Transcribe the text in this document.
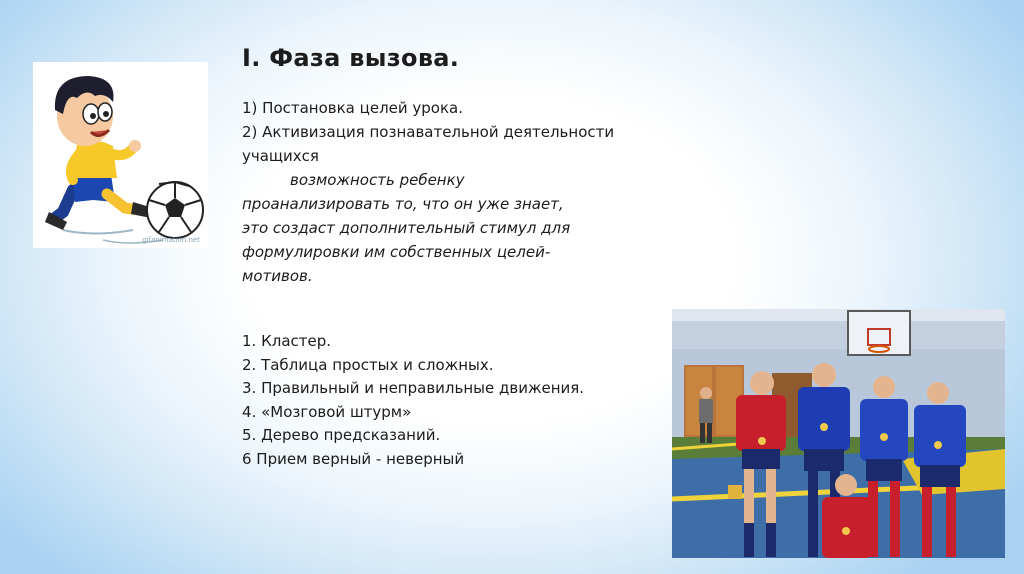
I. Фаза вызова.
1) Постановка целей урока.
2) Активизация познавательной деятельности
учащихся
возможность ребенку
проанализировать то, что он уже знает,
это создаст дополнительный стимул для
формулировки им собственных целей-
мотивов.
1. Кластер.
2. Таблица простых и сложных.
3. Правильный и неправильные движения.
4. «Мозговой штурм»
5. Дерево предсказаний.
6 Прием верный - неверный
gifanimation.net
